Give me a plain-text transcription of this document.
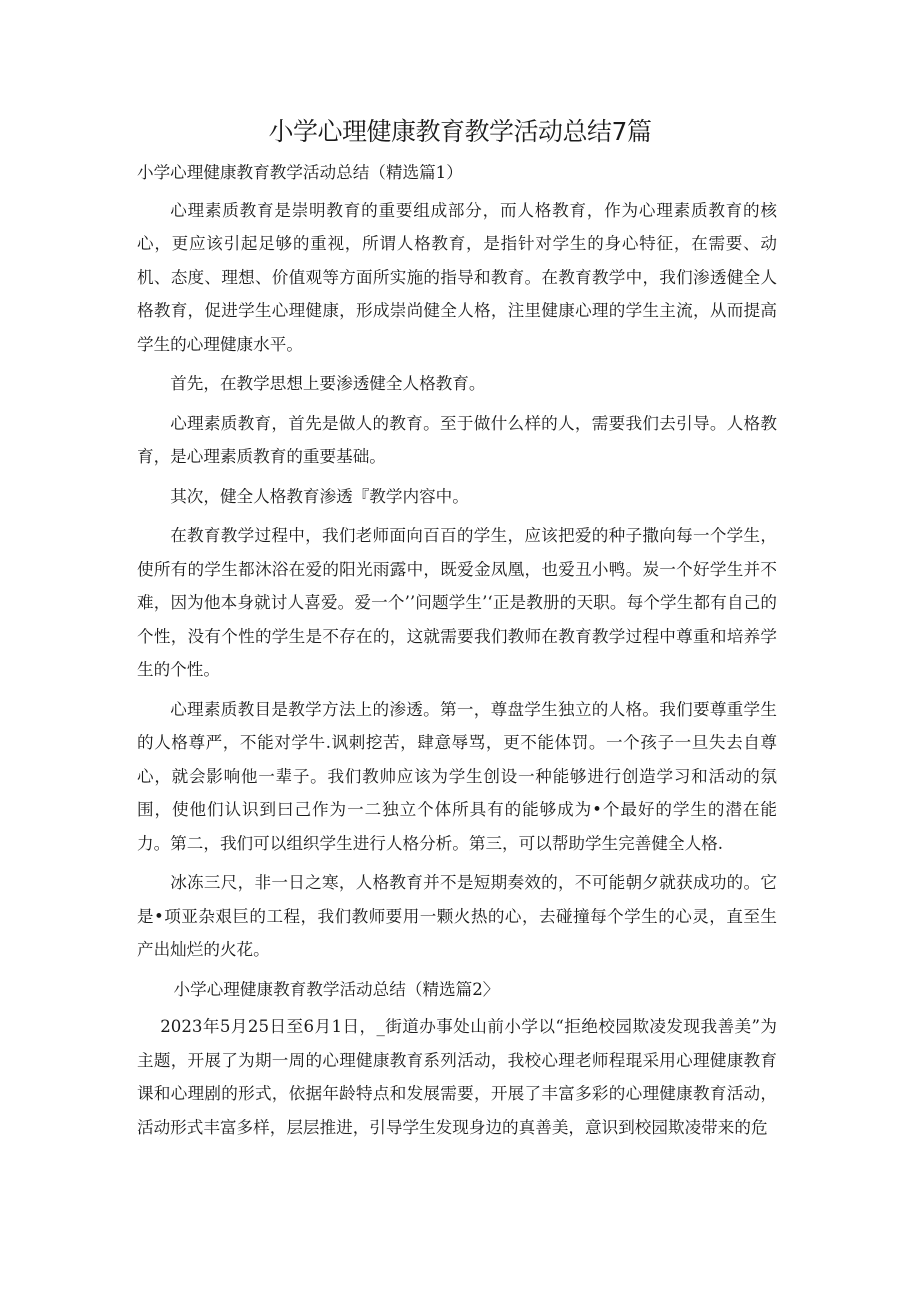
小学心理健康教育教学活动总结7篇

小学心理健康教育教学活动总结（精选篇1）

心理素质教育是崇明教育的重要组成部分，而人格教育，作为心理素质教育的核心，更应该引起足够的重视，所谓人格教育，是指针对学生的身心特征，在需要、动机、态度、理想、价值观等方面所实施的指导和教育。在教育教学中，我们渗透健全人格教育，促进学生心理健康，形成崇尚健全人格，注里健康心理的学生主流，从而提高学生的心理健康水平。

首先，在教学思想上要渗透健全人格教育。

心理素质教育，首先是做人的教育。至于做什么样的人，需要我们去引导。人格教育，是心理素质教育的重要基础。

其次，健全人格教育渗透『教学内容中。

在教育教学过程中，我们老师面向百百的学生，应该把爱的种子撒向每一个学生，使所有的学生都沐浴在爱的阳光雨露中，既爱金凤凰，也爱丑小鸭。炭一个好学生并不难，因为他本身就讨人喜爱。爱一个’’问题学生’‘正是教册的天职。每个学生都有自己的个性，没有个性的学生是不存在的，这就需要我们教师在教育教学过程中尊重和培养学生的个性。

心理素质教目是教学方法上的渗透。第一，尊盘学生独立的人格。我们要尊重学生的人格尊严，不能对学牛.讽刺挖苦，肆意辱骂，更不能体罚。一个孩子一旦失去自尊心，就会影响他一辈子。我们教帅应该为学生创设一种能够进行创造学习和活动的氛围，使他们认识到曰己作为一二独立个体所具有的能够成为•个最好的学生的潜在能力。第二，我们可以组织学生进行人格分析。第三，可以帮助学生完善健全人格.

冰冻三尺，非一日之寒，人格教育并不是短期奏效的，不可能朝夕就获成功的。它是•项亚杂艰巨的工程，我们教师要用一颗火热的心，去碰撞每个学生的心灵，直至生产出灿烂的火花。

小学心理健康教育教学活动总结（精选篇2〉

2023年5月25日至6月1日，_街道办事处山前小学以“拒绝校园欺凌发现我善美”为主题，开展了为期一周的心理健康教育系列活动，我校心理老师程琨采用心理健康教育课和心理剧的形式，依据年龄特点和发展需要，开展了丰富多彩的心理健康教育活动，活动形式丰富多样，层层推进，引导学生发现身边的真善美，意识到校园欺凌带来的危
